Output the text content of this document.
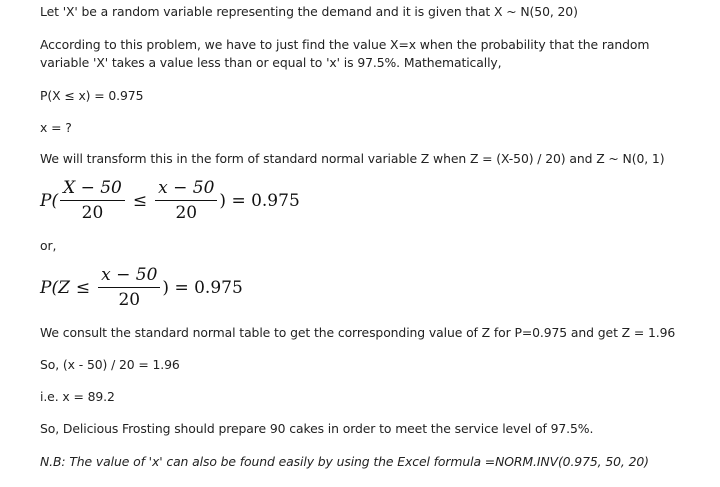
Let 'X' be a random variable representing the demand and it is given that X ~ N(50, 20)
According to this problem, we have to just find the value X=x when the probability that the random
variable 'X' takes a value less than or equal to 'x' is 97.5%. Mathematically,
P(X ≤ x) = 0.975
x = ?
We will transform this in the form of standard normal variable Z when Z = (X-50) / 20) and Z ~ N(0, 1)
$P( \frac{X - 50}{20} \le \frac{x - 50}{20}$ ) = 0.975
or,
P( $Z \le \frac{x - 50}{20}$ ) = 0.975
We consult the standard normal table to get the corresponding value of Z for P=0.975 and get Z = 1.96
So, (x - 50) / 20 = 1.96
i.e. x = 89.2
So, Delicious Frosting should prepare 90 cakes in order to meet the service level of 97.5%.
N.B: The value of 'x' can also be found easily by using the Excel formula =NORM.INV(0.975, 50, 20)
